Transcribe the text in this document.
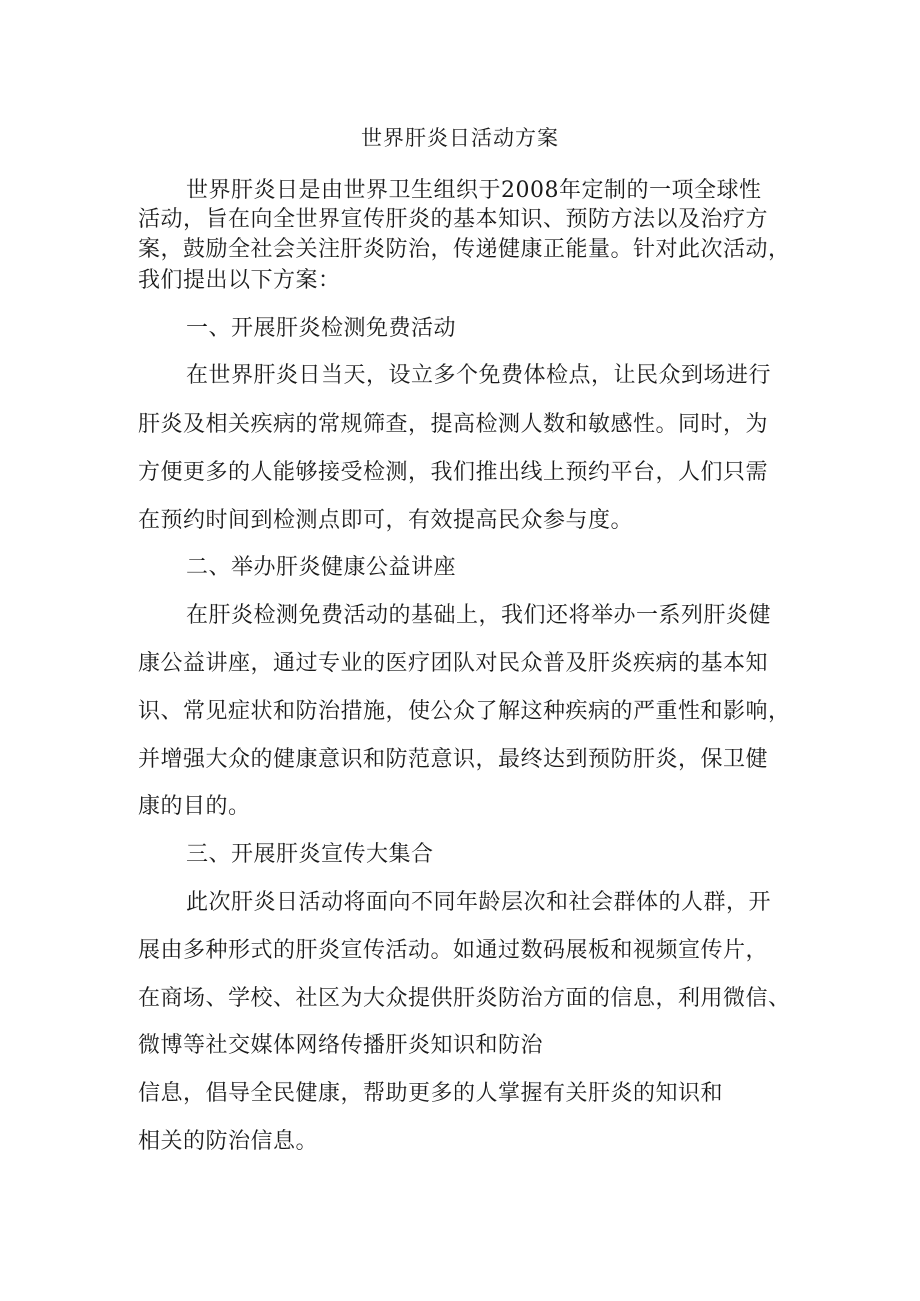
世界肝炎日活动方案
世界肝炎日是由世界卫生组织于2008年定制的一项全球性
活动，旨在向全世界宣传肝炎的基本知识、预防方法以及治疗方
案，鼓励全社会关注肝炎防治，传递健康正能量。针对此次活动，
我们提出以下方案：
一、开展肝炎检测免费活动
在世界肝炎日当天，设立多个免费体检点，让民众到场进行
肝炎及相关疾病的常规筛查，提高检测人数和敏感性。同时，为
方便更多的人能够接受检测，我们推出线上预约平台，人们只需
在预约时间到检测点即可，有效提高民众参与度。
二、举办肝炎健康公益讲座
在肝炎检测免费活动的基础上，我们还将举办一系列肝炎健
康公益讲座，通过专业的医疗团队对民众普及肝炎疾病的基本知
识、常见症状和防治措施，使公众了解这种疾病的严重性和影响，
并增强大众的健康意识和防范意识，最终达到预防肝炎，保卫健
康的目的。
三、开展肝炎宣传大集合
此次肝炎日活动将面向不同年龄层次和社会群体的人群，开
展由多种形式的肝炎宣传活动。如通过数码展板和视频宣传片，
在商场、学校、社区为大众提供肝炎防治方面的信息，利用微信、
微博等社交媒体网络传播肝炎知识和防治
信息，倡导全民健康，帮助更多的人掌握有关肝炎的知识和
相关的防治信息。
